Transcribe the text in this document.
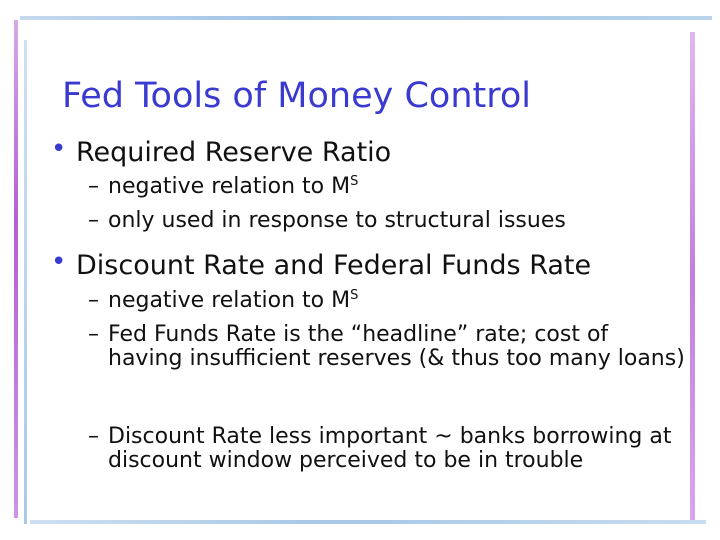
Fed Tools of Money Control
•
Required Reserve Ratio
– negative relation to $M^S$
– only used in response to structural issues
•
Discount Rate and Federal Funds Rate
– negative relation to $M^S$
– Fed Funds Rate is the “headline” rate; cost of having insufficient reserves (& thus too many loans)
– Discount Rate less important ~ banks borrowing at discount window perceived to be in trouble
